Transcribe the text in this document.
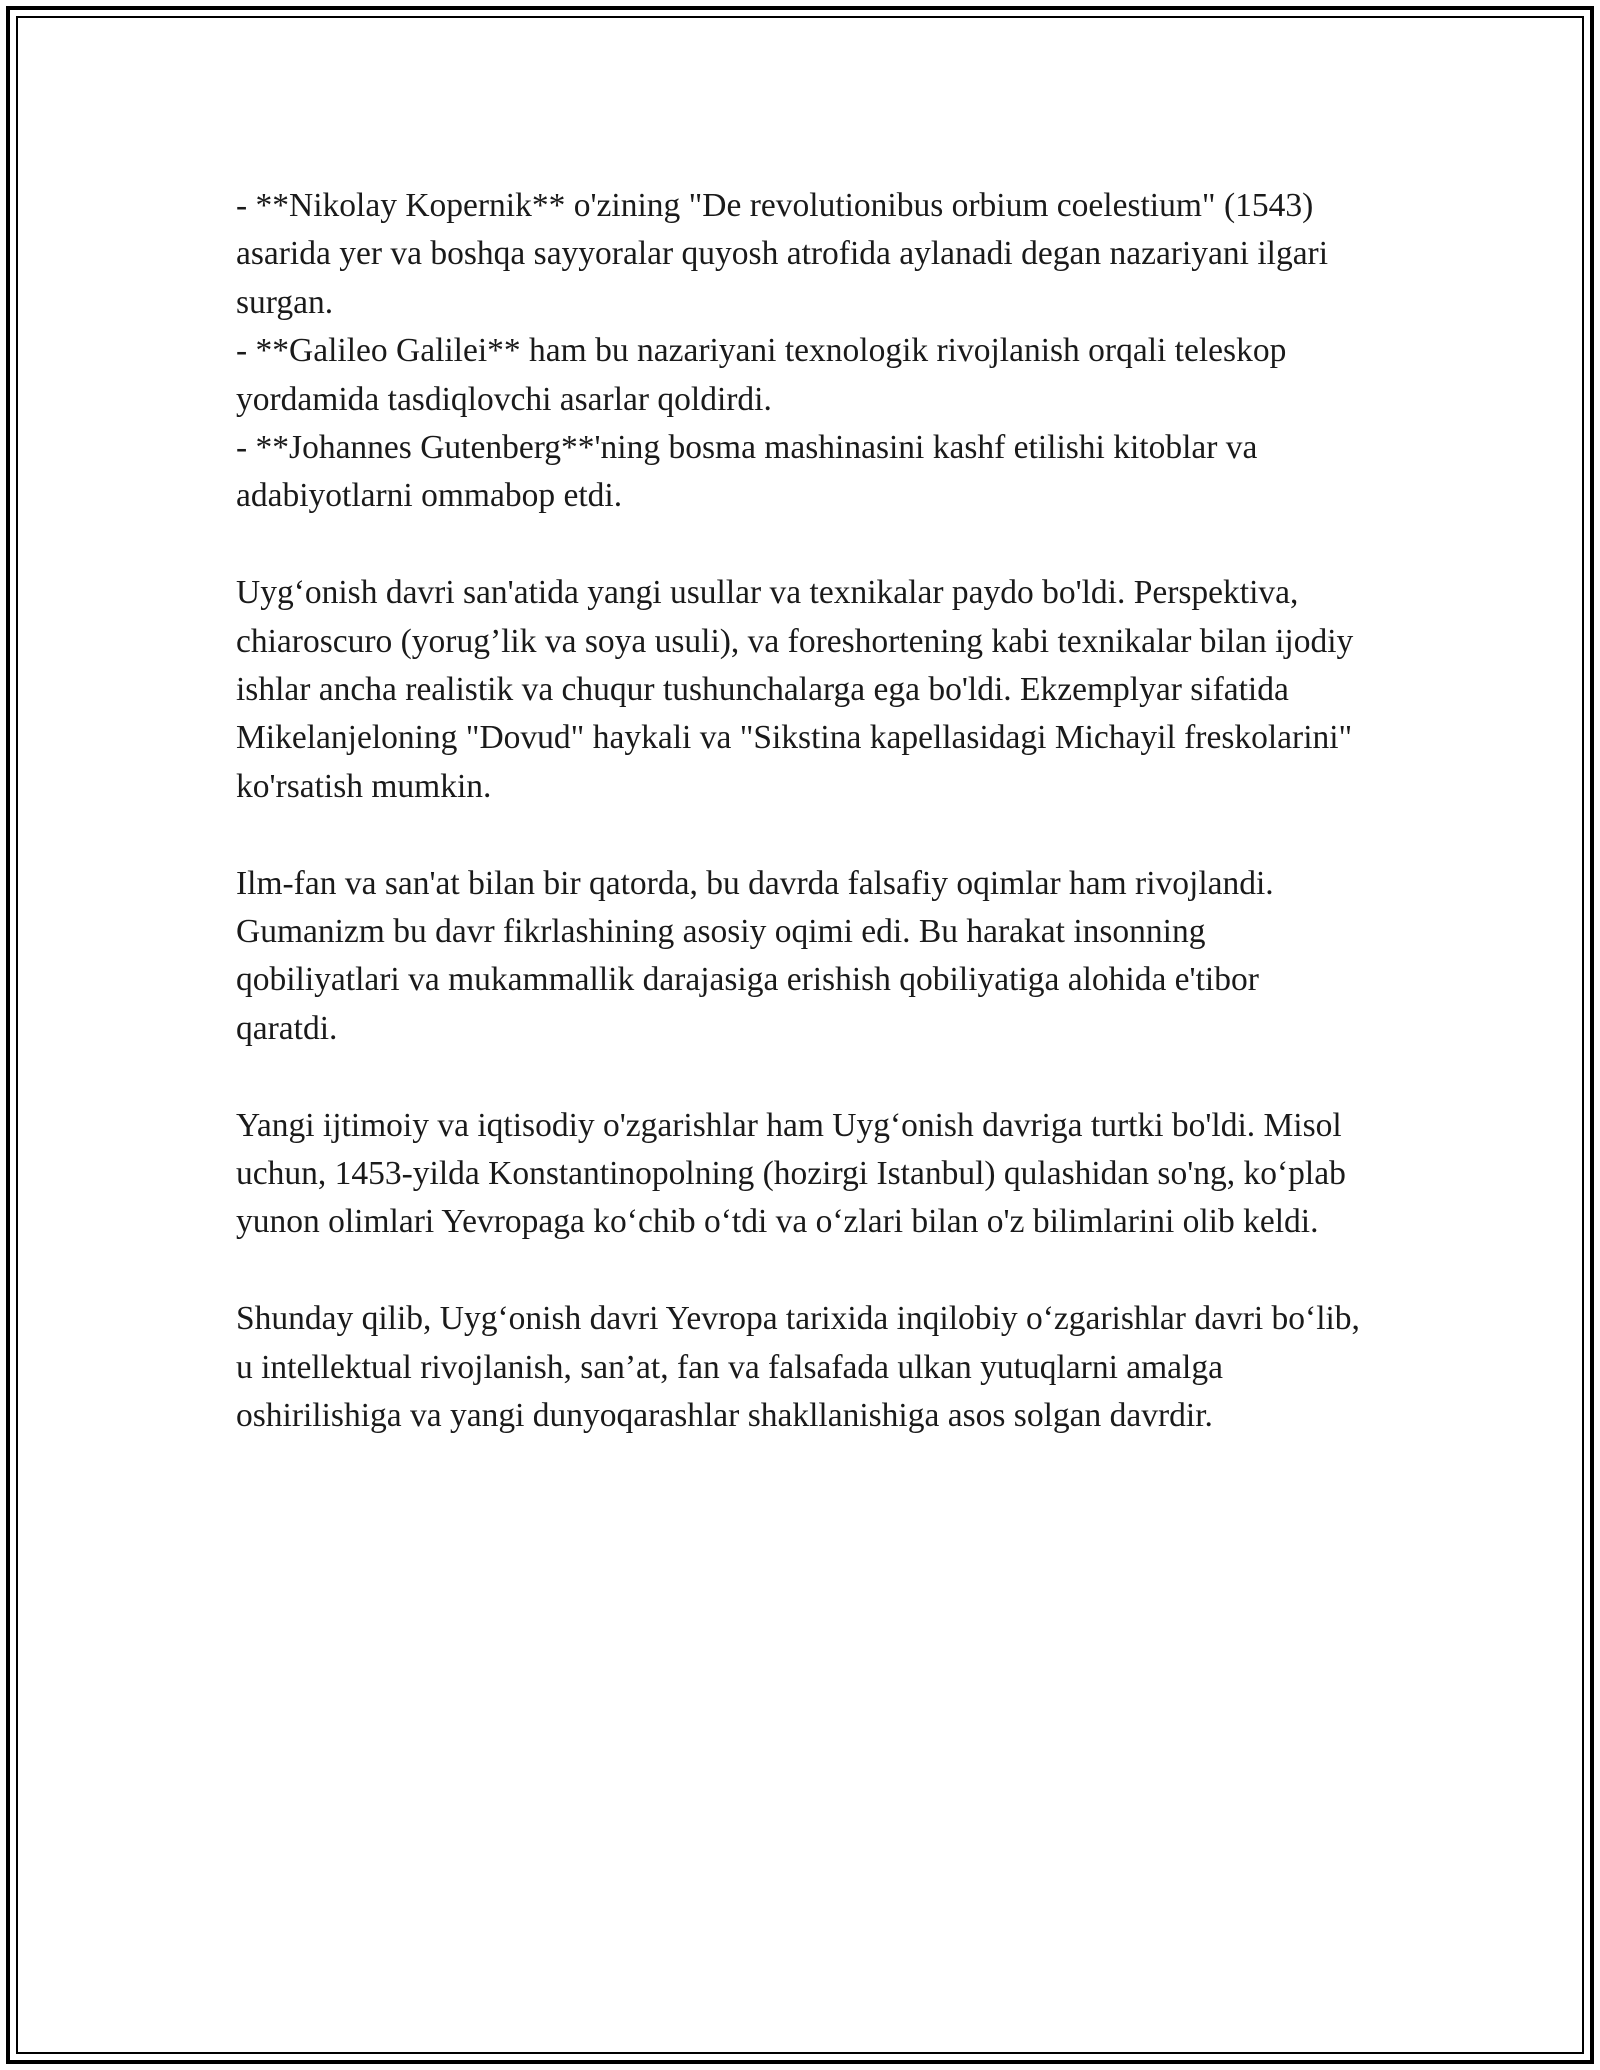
- **Nikolay Kopernik** o'zining "De revolutionibus orbium coelestium" (1543) asarida yer va boshqa sayyoralar quyosh atrofida aylanadi degan nazariyani ilgari surgan.

- **Galileo Galilei** ham bu nazariyani texnologik rivojlanish orqali teleskop yordamida tasdiqlovchi asarlar qoldirdi.

- **Johannes Gutenberg**'ning bosma mashinasini kashf etilishi kitoblar va adabiyotlarni ommabop etdi.

Uyg‘onish davri san'atida yangi usullar va texnikalar paydo bo'ldi. Perspektiva, chiaroscuro (yorug’lik va soya usuli), va foreshortening kabi texnikalar bilan ijodiy ishlar ancha realistik va chuqur tushunchalarga ega bo'ldi. Ekzemplyar sifatida Mikelanjeloning "Dovud" haykali va "Sikstina kapellasidagi Michayil freskolarini" ko'rsatish mumkin.

Ilm-fan va san'at bilan bir qatorda, bu davrda falsafiy oqimlar ham rivojlandi. Gumanizm bu davr fikrlashining asosiy oqimi edi. Bu harakat insonning qobiliyatlari va mukammallik darajasiga erishish qobiliyatiga alohida e'tibor qaratdi.

Yangi ijtimoiy va iqtisodiy o'zgarishlar ham Uyg‘onish davriga turtki bo'ldi. Misol uchun, 1453-yilda Konstantinopolning (hozirgi Istanbul) qulashidan so'ng, ko‘plab yunon olimlari Yevropaga ko‘chib o‘tdi va o‘zlari bilan o'z bilimlarini olib keldi.

Shunday qilib, Uyg‘onish davri Yevropa tarixida inqilobiy o‘zgarishlar davri bo‘lib, u intellektual rivojlanish, san’at, fan va falsafada ulkan yutuqlarni amalga oshirilishiga va yangi dunyoqarashlar shakllanishiga asos solgan davrdir.
